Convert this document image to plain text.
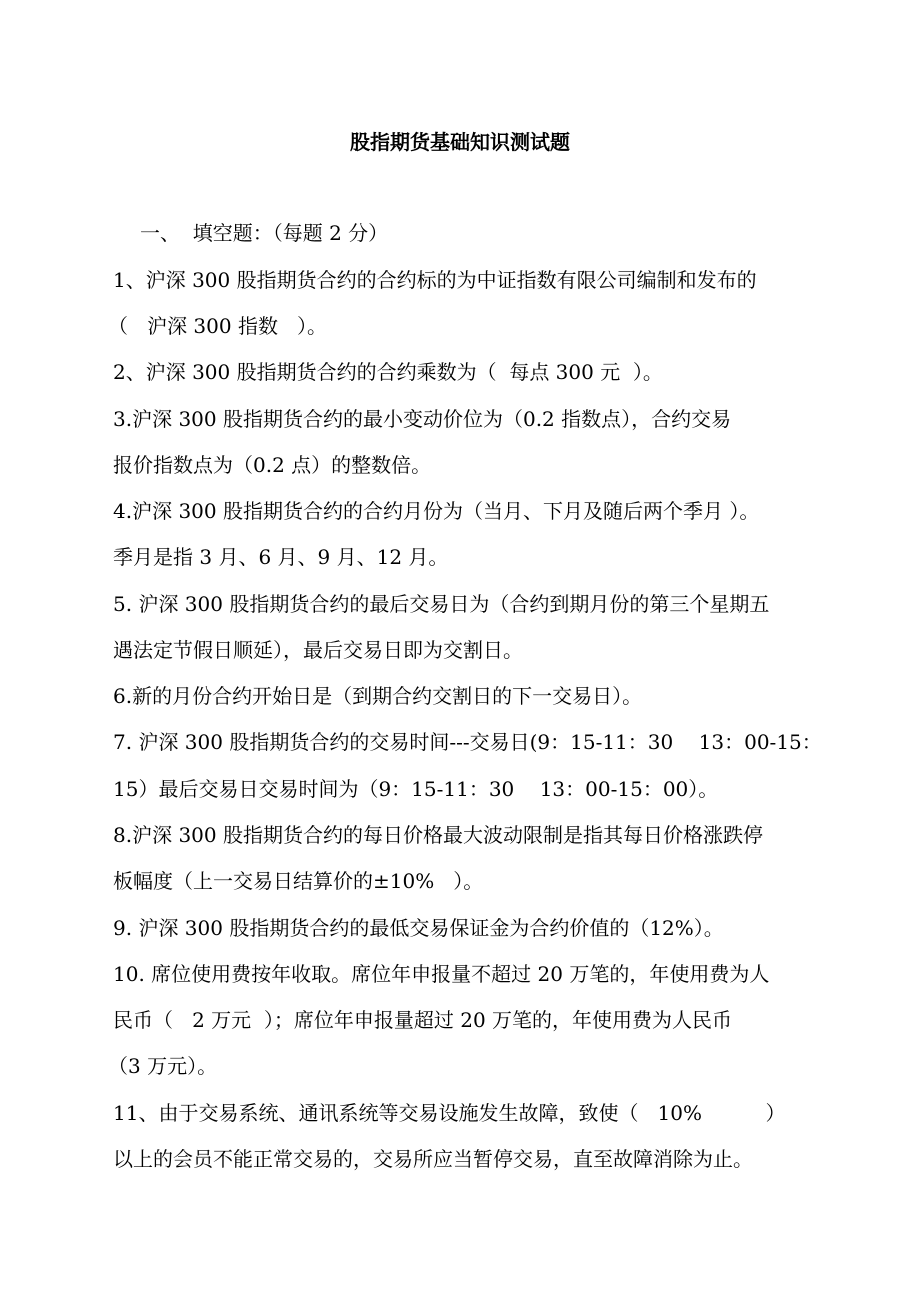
股指期货基础知识测试题
一、  填空题：（每题 2 分）
1、沪深 300 股指期货合约的合约标的为中证指数有限公司编制和发布的
（   沪深 300 指数   ）。
2、沪深 300 股指期货合约的合约乘数为（  每点 300 元  ）。
3.沪深 300 股指期货合约的最小变动价位为（0.2 指数点），合约交易
报价指数点为（0.2 点）的整数倍。
4.沪深 300 股指期货合约的合约月份为（当月、下月及随后两个季月 ）。
季月是指 3 月、6 月、9 月、12 月。
5. 沪深 300 股指期货合约的最后交易日为（合约到期月份的第三个星期五
遇法定节假日顺延），最后交易日即为交割日。
6.新的月份合约开始日是（到期合约交割日的下一交易日）。
7. 沪深 300 股指期货合约的交易时间---交易日(9：15-11：30    13：00-15：
15）最后交易日交易时间为（9：15-11：30    13：00-15：00）。
8.沪深 300 股指期货合约的每日价格最大波动限制是指其每日价格涨跌停
板幅度（上一交易日结算价的±10%   ）。
9. 沪深 300 股指期货合约的最低交易保证金为合约价值的（12%）。
10. 席位使用费按年收取。席位年申报量不超过 20 万笔的，年使用费为人
民币（   2 万元  ）；席位年申报量超过 20 万笔的，年使用费为人民币
（3 万元）。
11、由于交易系统、通讯系统等交易设施发生故障，致使（   10%          ）
以上的会员不能正常交易的，交易所应当暂停交易，直至故障消除为止。
